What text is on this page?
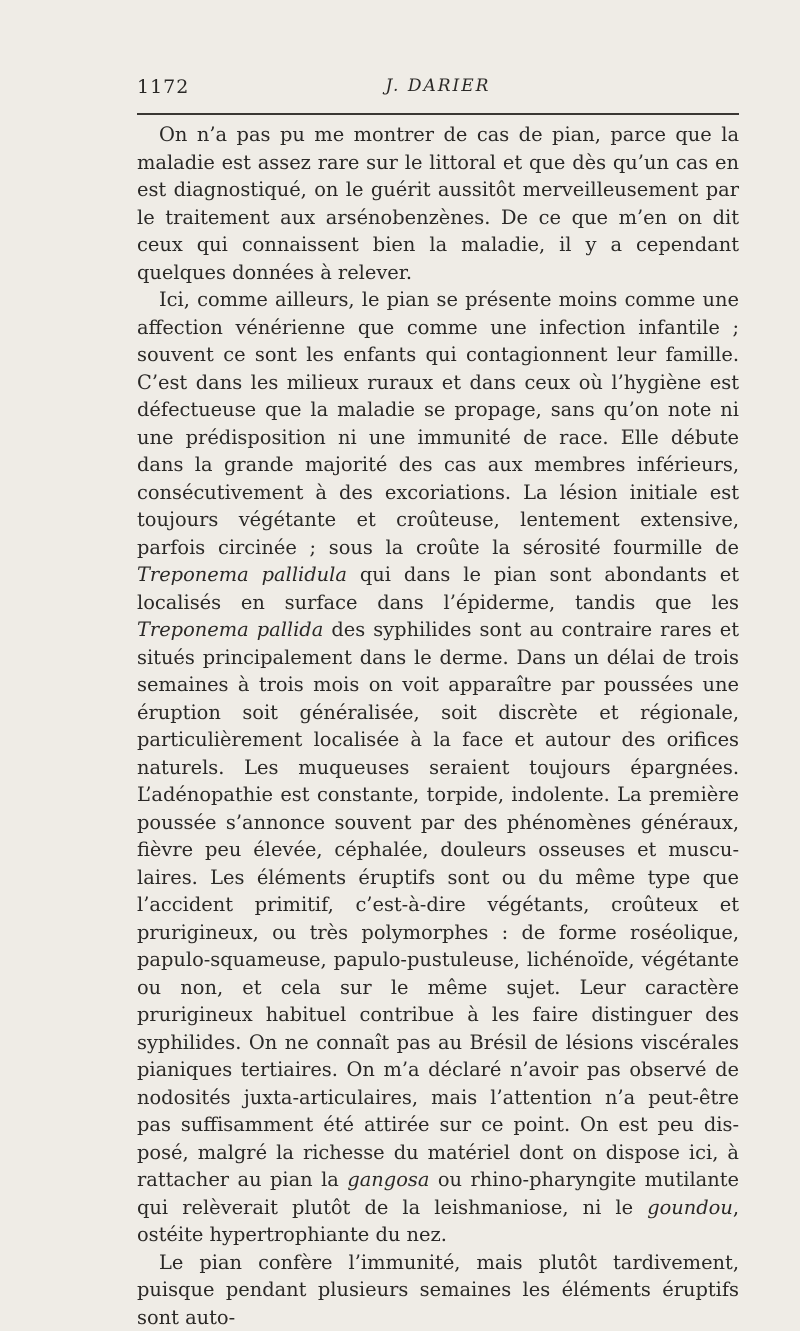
1172	J. DARIER

On n’a pas pu me montrer de cas de pian, parce que la maladie est assez rare sur le littoral et que dès qu’un cas en est diagnostiqué, on le guérit aussitôt merveilleusement par le traitement aux arsénobenzènes. De ce que m’en on dit ceux qui connaissent bien la maladie, il y a cependant quelques données à relever.

Ici, comme ailleurs, le pian se présente moins comme une affection vénérienne que comme une infection infantile ; souvent ce sont les enfants qui contagionnent leur famille. C’est dans les milieux ruraux et dans ceux où l’hygiène est défectueuse que la maladie se propage, sans qu’on note ni une prédisposition ni une immunité de race. Elle débute dans la grande majorité des cas aux membres inférieurs, consécutivement à des excoriations. La lésion initiale est toujours végétante et croûteuse, lentement extensive, parfois circinée ; sous la croûte la sérosité fourmille de Treponema pallidula qui dans le pian sont abondants et localisés en surface dans l’épiderme, tandis que les Treponema pallida des syphilides sont au contraire rares et situés principalement dans le derme. Dans un délai de trois semaines à trois mois on voit apparaître par poussées une éruption soit généralisée, soit discrète et régionale, particulièrement localisée à la face et autour des orifices naturels. Les muqueuses seraient toujours épargnées. L’adénopathie est constante, torpide, indolente. La première poussée s’annonce souvent par des phénomènes généraux, fièvre peu élevée, céphalée, douleurs osseuses et musculaires. Les éléments éruptifs sont ou du même type que l’accident primitif, c’est-à-dire végétants, croûteux et prurigineux, ou très polymorphes : de forme roséolique, papulo-squameuse, papulo-pustuleuse, lichénoïde, végétante ou non, et cela sur le même sujet. Leur caractère prurigineux habituel contribue à les faire distinguer des syphilides. On ne connaît pas au Brésil de lésions viscérales pianiques tertiaires. On m’a déclaré n’avoir pas observé de nodosités juxta-articulaires, mais l’attention n’a peut-être pas suffisamment été attirée sur ce point. On est peu disposé, malgré la richesse du matériel dont on dispose ici, à rattacher au pian la gangosa ou rhino-pharyngite mutilante qui relèverait plutôt de la leishmaniose, ni le goundou, ostéite hypertrophiante du nez.

Le pian confère l’immunité, mais plutôt tardivement, puisque pendant plusieurs semaines les éléments éruptifs sont auto-
